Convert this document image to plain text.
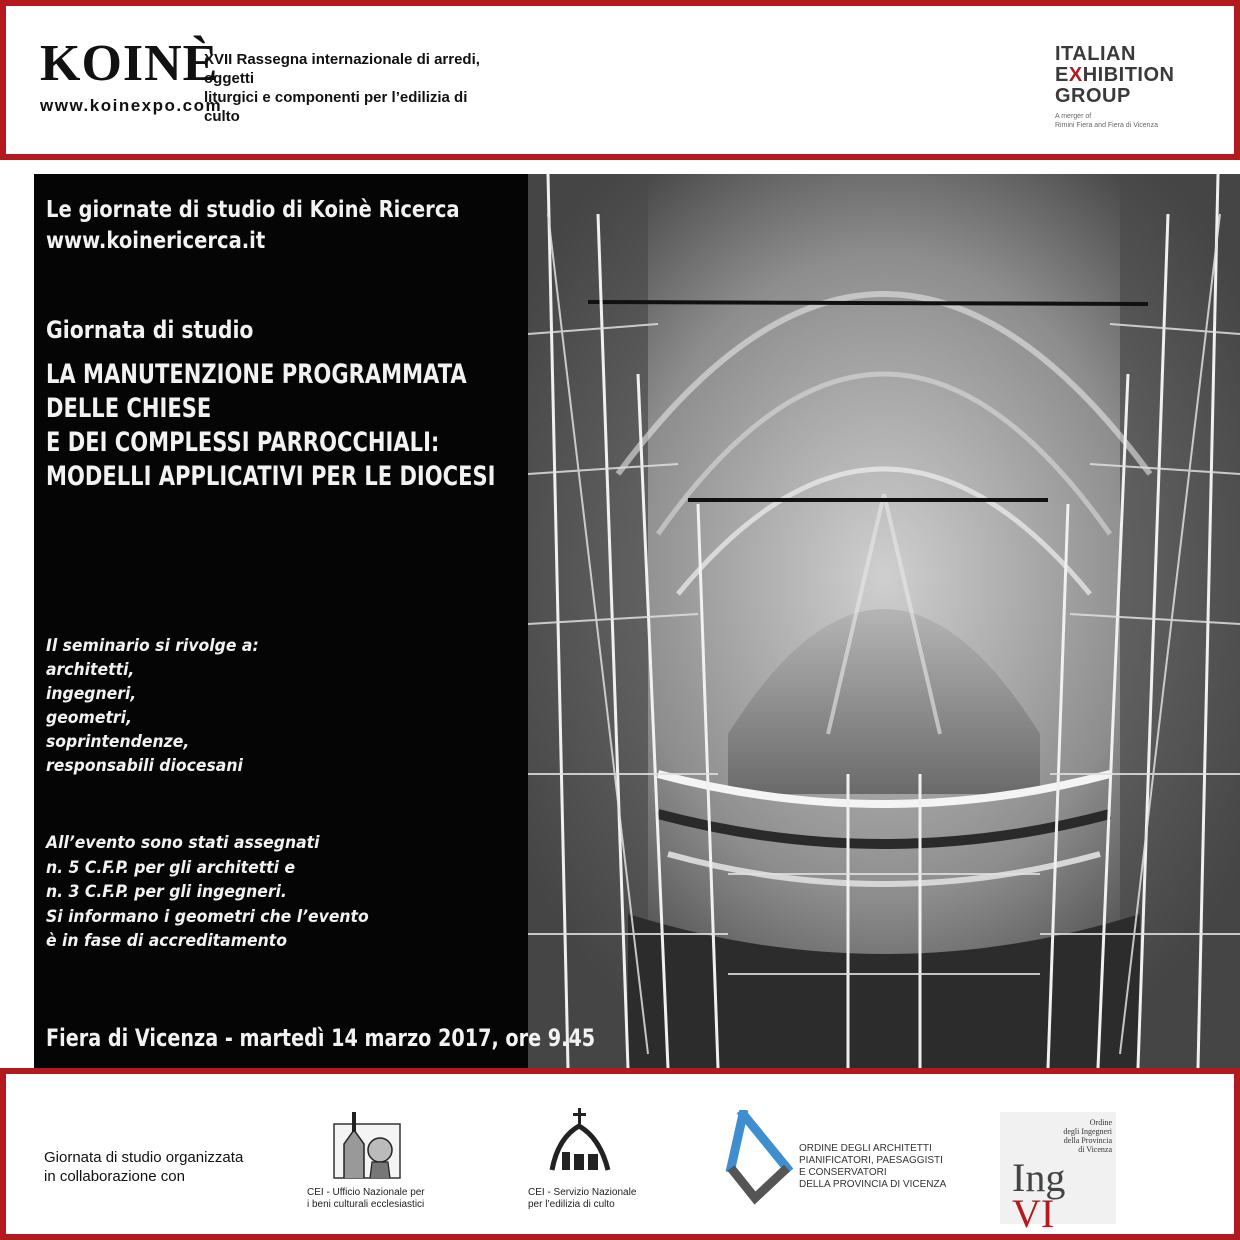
KOINÈ
XVII Rassegna internazionale di arredi, oggetti
liturgici e componenti per l’edilizia di culto
www.koinexpo.com
ITALIAN
EXHIBITION
GROUP
A merger of
Rimini Fiera and Fiera di Vicenza
Le giornate di studio di Koinè Ricerca
www.koinericerca.it
Giornata di studio
LA MANUTENZIONE PROGRAMMATA
DELLE CHIESE
E DEI COMPLESSI PARROCCHIALI:
MODELLI APPLICATIVI PER LE DIOCESI
Il seminario si rivolge a:
architetti,
ingegneri,
geometri,
soprintendenze,
responsabili diocesani
All’evento sono stati assegnati
n. 5 C.F.P. per gli architetti e
n. 3 C.F.P. per gli ingegneri.
Si informano i geometri che l’evento
è in fase di accreditamento
Fiera di Vicenza - martedì 14 marzo 2017, ore 9.45
Giornata di studio organizzata
in collaborazione con
CEI - Ufficio Nazionale per
i beni culturali ecclesiastici
CEI - Servizio Nazionale
per l’edilizia di culto
ORDINE DEGLI ARCHITETTI
PIANIFICATORI, PAESAGGISTI
E CONSERVATORI
DELLA PROVINCIA DI VICENZA
Ordine
degli Ingegneri
della Provincia
di Vicenza
Ing
VI
